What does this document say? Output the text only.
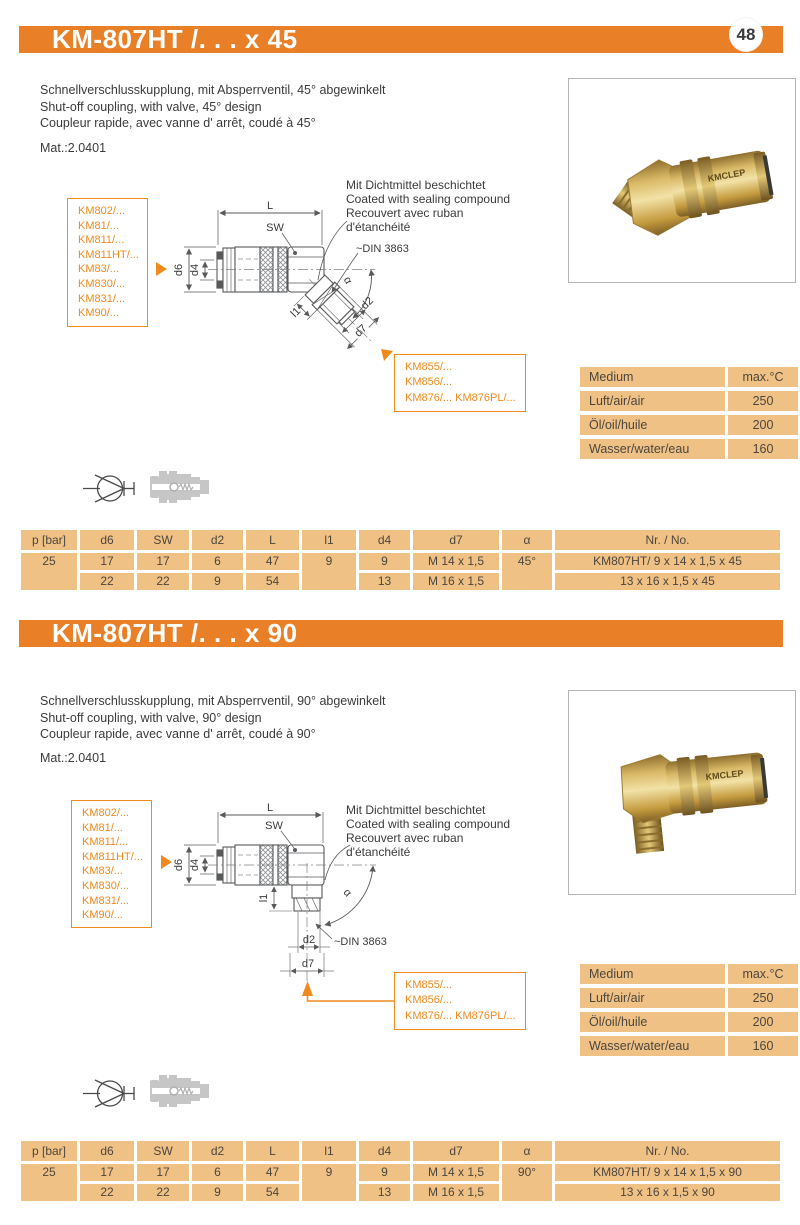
KM-807HT /. . . x 45	48
Schnellverschlusskupplung, mit Absperrventil, 45° abgewinkelt
Shut-off coupling, with valve, 45° design
Coupleur rapide, avec vanne d' arrêt, coudé à 45°
Mat.:2.0401
KMCLEP
KM802/...
KM81/...
KM811/...
KM811HT/...
KM83/...
KM830/...
KM831/...
KM90/...
Mit Dichtmittel beschichtet
Coated with sealing compound
Recouvert avec ruban d'étanchéité
L
SW
d6 d4
α
l1
d2
d7
~DIN 3863
KM855/...
KM856/...
KM876/... KM876PL/...
Medium	max.°C
Luft/air/air	250
Öl/oil/huile	200
Wasser/water/eau	160
p [bar]	d6	SW	d2	L	l1	d4	d7	α	Nr. / No.
25	17	17	6	47	9	9	M 14 x 1,5	45°	KM807HT/ 9 x 14 x 1,5 x 45
	22	22	9	54		13	M 16 x 1,5		13 x 16 x 1,5 x 45
KM-807HT /. . . x 90
Schnellverschlusskupplung, mit Absperrventil, 90° abgewinkelt
Shut-off coupling, with valve, 90° design
Coupleur rapide, avec vanne d' arrêt, coudé à 90°
Mat.:2.0401
KMCLEP
KM802/...
KM81/...
KM811/...
KM811HT/...
KM83/...
KM830/...
KM831/...
KM90/...
Mit Dichtmittel beschichtet
Coated with sealing compound
Recouvert avec ruban d'étanchéité
L
SW
d6 d4
l1	α
d2
d7
~DIN 3863
KM855/...
KM856/...
KM876/... KM876PL/...
Medium	max.°C
Luft/air/air	250
Öl/oil/huile	200
Wasser/water/eau	160
p [bar]	d6	SW	d2	L	l1	d4	d7	α	Nr. / No.
25	17	17	6	47	9	9	M 14 x 1,5	90°	KM807HT/ 9 x 14 x 1,5 x 90
	22	22	9	54		13	M 16 x 1,5		13 x 16 x 1,5 x 90
